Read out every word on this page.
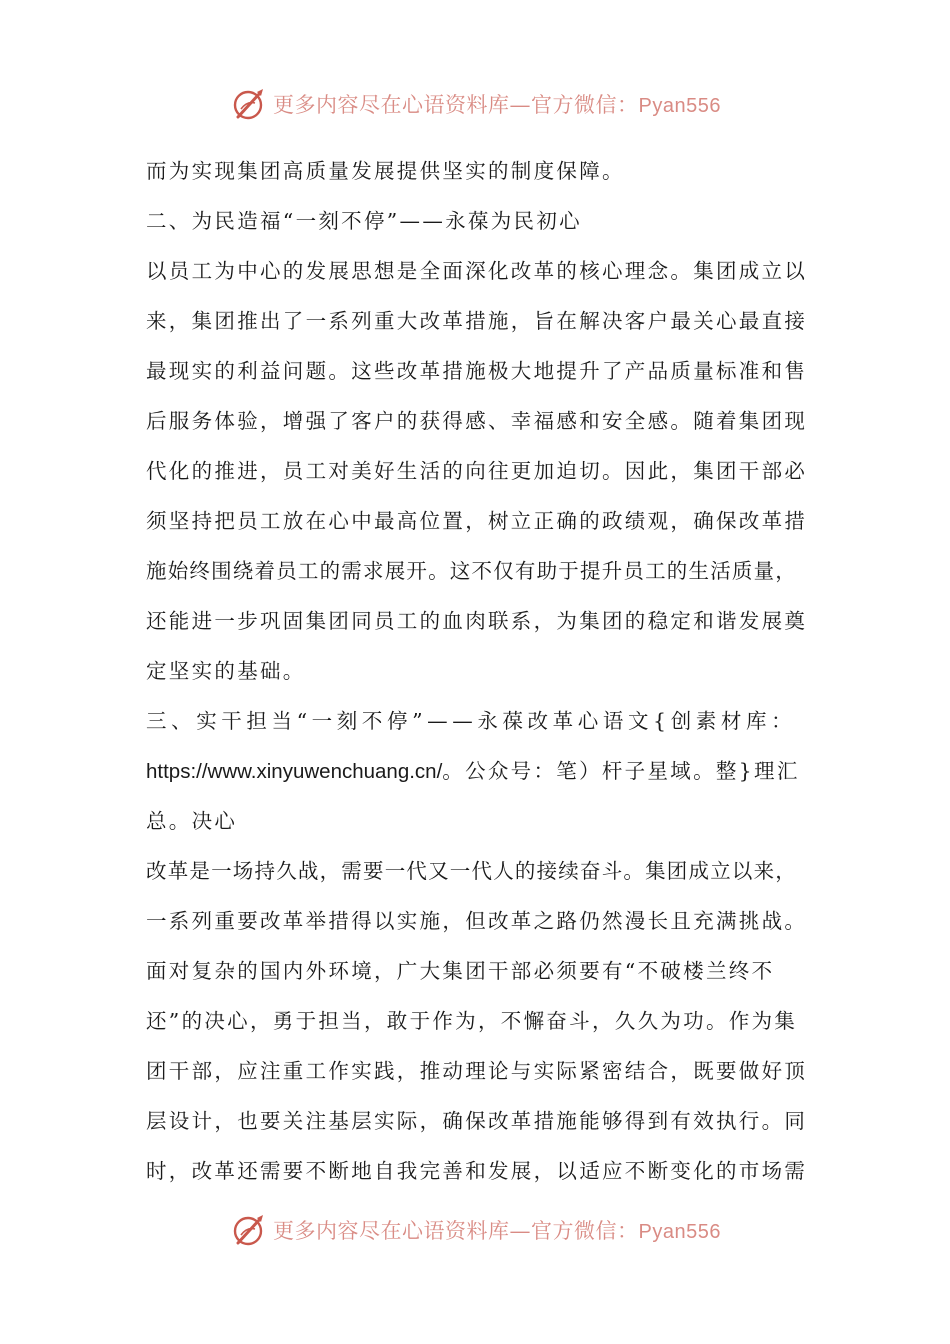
更多内容尽在心语资料库—官方微信：Pyan556
而为实现集团高质量发展提供坚实的制度保障。
二、为民造福“一刻不停”——永葆为民初心
以员工为中心的发展思想是全面深化改革的核心理念。集团成立以
来，集团推出了一系列重大改革措施，旨在解决客户最关心最直接
最现实的利益问题。这些改革措施极大地提升了产品质量标准和售
后服务体验，增强了客户的获得感、幸福感和安全感。随着集团现
代化的推进，员工对美好生活的向往更加迫切。因此，集团干部必
须坚持把员工放在心中最高位置，树立正确的政绩观，确保改革措
施始终围绕着员工的需求展开。这不仅有助于提升员工的生活质量，
还能进一步巩固集团同员工的血肉联系，为集团的稳定和谐发展奠
定坚实的基础。
三、实干担当“一刻不停”——永葆改革心语文{创素材库：
https://www.xinyuwenchuang.cn/。公众号：笔）杆子星域。整}理汇
总。决心
改革是一场持久战，需要一代又一代人的接续奋斗。集团成立以来，
一系列重要改革举措得以实施，但改革之路仍然漫长且充满挑战。
面对复杂的国内外环境，广大集团干部必须要有“不破楼兰终不
还”的决心，勇于担当，敢于作为，不懈奋斗，久久为功。作为集
团干部，应注重工作实践，推动理论与实际紧密结合，既要做好顶
层设计，也要关注基层实际，确保改革措施能够得到有效执行。同
时，改革还需要不断地自我完善和发展，以适应不断变化的市场需
更多内容尽在心语资料库—官方微信：Pyan556
